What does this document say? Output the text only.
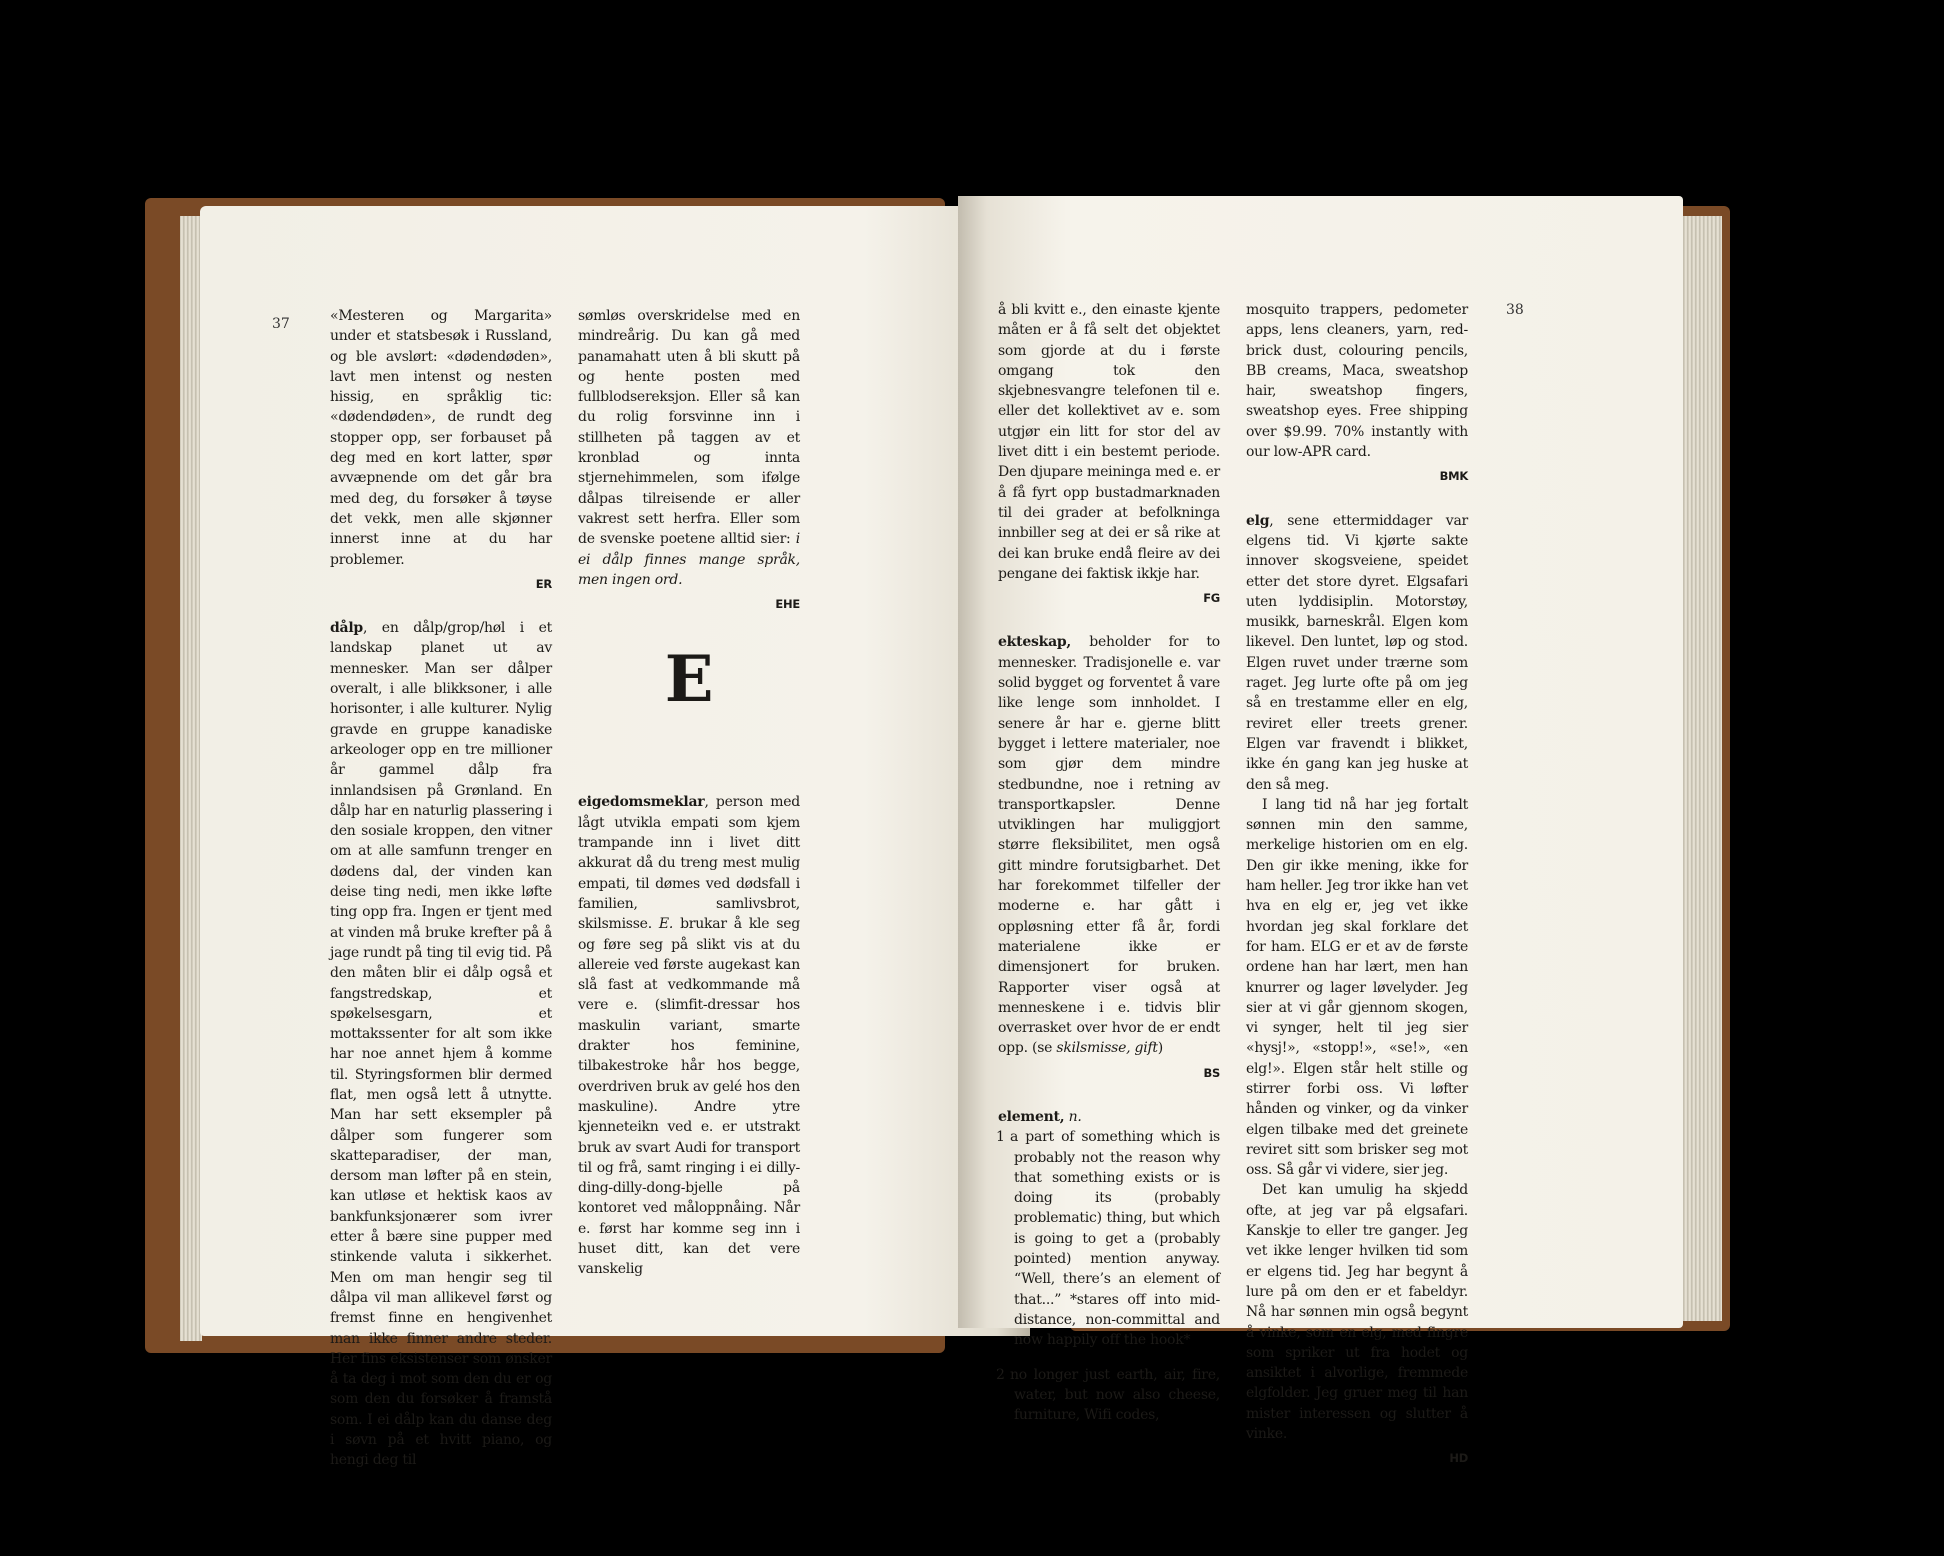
37	«Mesteren og Margarita» under et statsbesøk i Russland, og ble avslørt: «dødendøden», lavt men intenst og nesten hissig, en språklig tic: «dødendøden», de rundt deg stopper opp, ser forbauset på deg med en kort latter, spør avvæpnende om det går bra med deg, du forsøker å tøyse det vekk, men alle skjønner innerst inne at du har problemer.

ER

dålp, en dålp/grop/høl i et landskap planet ut av mennesker. Man ser dålper overalt, i alle blikksoner, i alle horisonter, i alle kulturer. Nylig gravde en gruppe kanadiske arkeologer opp en tre millioner år gammel dålp fra innlandsisen på Grønland. En dålp har en naturlig plassering i den sosiale kroppen, den vitner om at alle samfunn trenger en dødens dal, der vinden kan deise ting nedi, men ikke løfte ting opp fra. Ingen er tjent med at vinden må bruke krefter på å jage rundt på ting til evig tid. På den måten blir ei dålp også et fangstredskap, et spøkelsesgarn, et mottakssenter for alt som ikke har noe annet hjem å komme til. Styringsformen blir dermed flat, men også lett å utnytte. Man har sett eksempler på dålper som fungerer som skatteparadiser, der man, dersom man løfter på en stein, kan utløse et hektisk kaos av bankfunksjonærer som ivrer etter å bære sine pupper med stinkende valuta i sikkerhet. Men om man hengir seg til dålpa vil man allikevel først og fremst finne en hengivenhet man ikke finner andre steder. Her fins eksistenser som ønsker å ta deg i mot som den du er og som den du forsøker å framstå som. I ei dålp kan du danse deg i søvn på et hvitt piano, og hengi deg til

sømløs overskridelse med en mindreårig. Du kan gå med panamahatt uten å bli skutt på og hente posten med fullblodsereksjon. Eller så kan du rolig forsvinne inn i stillheten på taggen av et kronblad og innta stjernehimmelen, som ifølge dålpas tilreisende er aller vakrest sett herfra. Eller som de svenske poetene alltid sier: i ei dålp finnes mange språk, men ingen ord.

EHE
E

eigedomsmeklar, person med lågt utvikla empati som kjem trampande inn i livet ditt akkurat då du treng mest mulig empati, til dømes ved dødsfall i familien, samlivsbrot, skilsmisse. E. brukar å kle seg og føre seg på slikt vis at du allereie ved første augekast kan slå fast at vedkommande må vere e. (slimfit-dressar hos maskulin variant, smarte drakter hos feminine, tilbakestroke hår hos begge, overdriven bruk av gelé hos den maskuline). Andre ytre kjenneteikn ved e. er utstrakt bruk av svart Audi for transport til og frå, samt ringing i ei dilly-ding-dilly-dong-bjelle på kontoret ved måloppnåing. Når e. først har komme seg inn i huset ditt, kan det vere vanskelig

å bli kvitt e., den einaste kjente måten er å få selt det objektet som gjorde at du i første omgang tok den skjebnesvangre telefonen til e. eller det kollektivet av e. som utgjør ein litt for stor del av livet ditt i ein bestemt periode. Den djupare meininga med e. er å få fyrt opp bustadmarknaden til dei grader at befolkninga innbiller seg at dei er så rike at dei kan bruke endå fleire av dei pengane dei faktisk ikkje har.

FG

ekteskap, beholder for to mennesker. Tradisjonelle e. var solid bygget og forventet å vare like lenge som innholdet. I senere år har e. gjerne blitt bygget i lettere materialer, noe som gjør dem mindre stedbundne, noe i retning av transportkapsler. Denne utviklingen har muliggjort større fleksibilitet, men også gitt mindre forutsigbarhet. Det har forekommet tilfeller der moderne e. har gått i oppløsning etter få år, fordi materialene ikke er dimensjonert for bruken. Rapporter viser også at menneskene i e. tidvis blir overrasket over hvor de er endt opp. (se skilsmisse, gift)

BS

element, n.

1 a part of something which is probably not the reason why that something exists or is doing its (probably problematic) thing, but which is going to get a (probably pointed) mention anyway. “Well, there’s an element of that...” *stares off into mid-distance, non-committal and now happily off the hook*

2 no longer just earth, air, fire, water, but now also cheese, furniture, Wifi codes,

mosquito trappers, pedometer apps, lens cleaners, yarn, red-brick dust, colouring pencils, BB creams, Maca, sweatshop hair, sweatshop fingers, sweatshop eyes. Free shipping over $9.99. 70% instantly with our low-APR card.

BMK

elg, sene ettermiddager var elgens tid. Vi kjørte sakte innover skogsveiene, speidet etter det store dyret. Elgsafari uten lyddisiplin. Motorstøy, musikk, barneskrål. Elgen kom likevel. Den luntet, løp og stod. Elgen ruvet under trærne som raget. Jeg lurte ofte på om jeg så en trestamme eller en elg, reviret eller treets grener. Elgen var fravendt i blikket, ikke én gang kan jeg huske at den så meg.

I lang tid nå har jeg fortalt sønnen min den samme, merkelige historien om en elg. Den gir ikke mening, ikke for ham heller. Jeg tror ikke han vet hva en elg er, jeg vet ikke hvordan jeg skal forklare det for ham. ELG er et av de første ordene han har lært, men han knurrer og lager løvelyder. Jeg sier at vi går gjennom skogen, vi synger, helt til jeg sier «hysj!», «stopp!», «se!», «en elg!». Elgen står helt stille og stirrer forbi oss. Vi løfter hånden og vinker, og da vinker elgen tilbake med det greinete reviret sitt som brisker seg mot oss. Så går vi videre, sier jeg.

Det kan umulig ha skjedd ofte, at jeg var på elgsafari. Kanskje to eller tre ganger. Jeg vet ikke lenger hvilken tid som er elgens tid. Jeg har begynt å lure på om den er et fabeldyr. Nå har sønnen min også begynt å vinke, som en elg, med fingre som spriker ut fra hodet og ansiktet i alvorlige, fremmede elgfolder. Jeg gruer meg til han mister interessen og slutter å vinke.

HD
38
